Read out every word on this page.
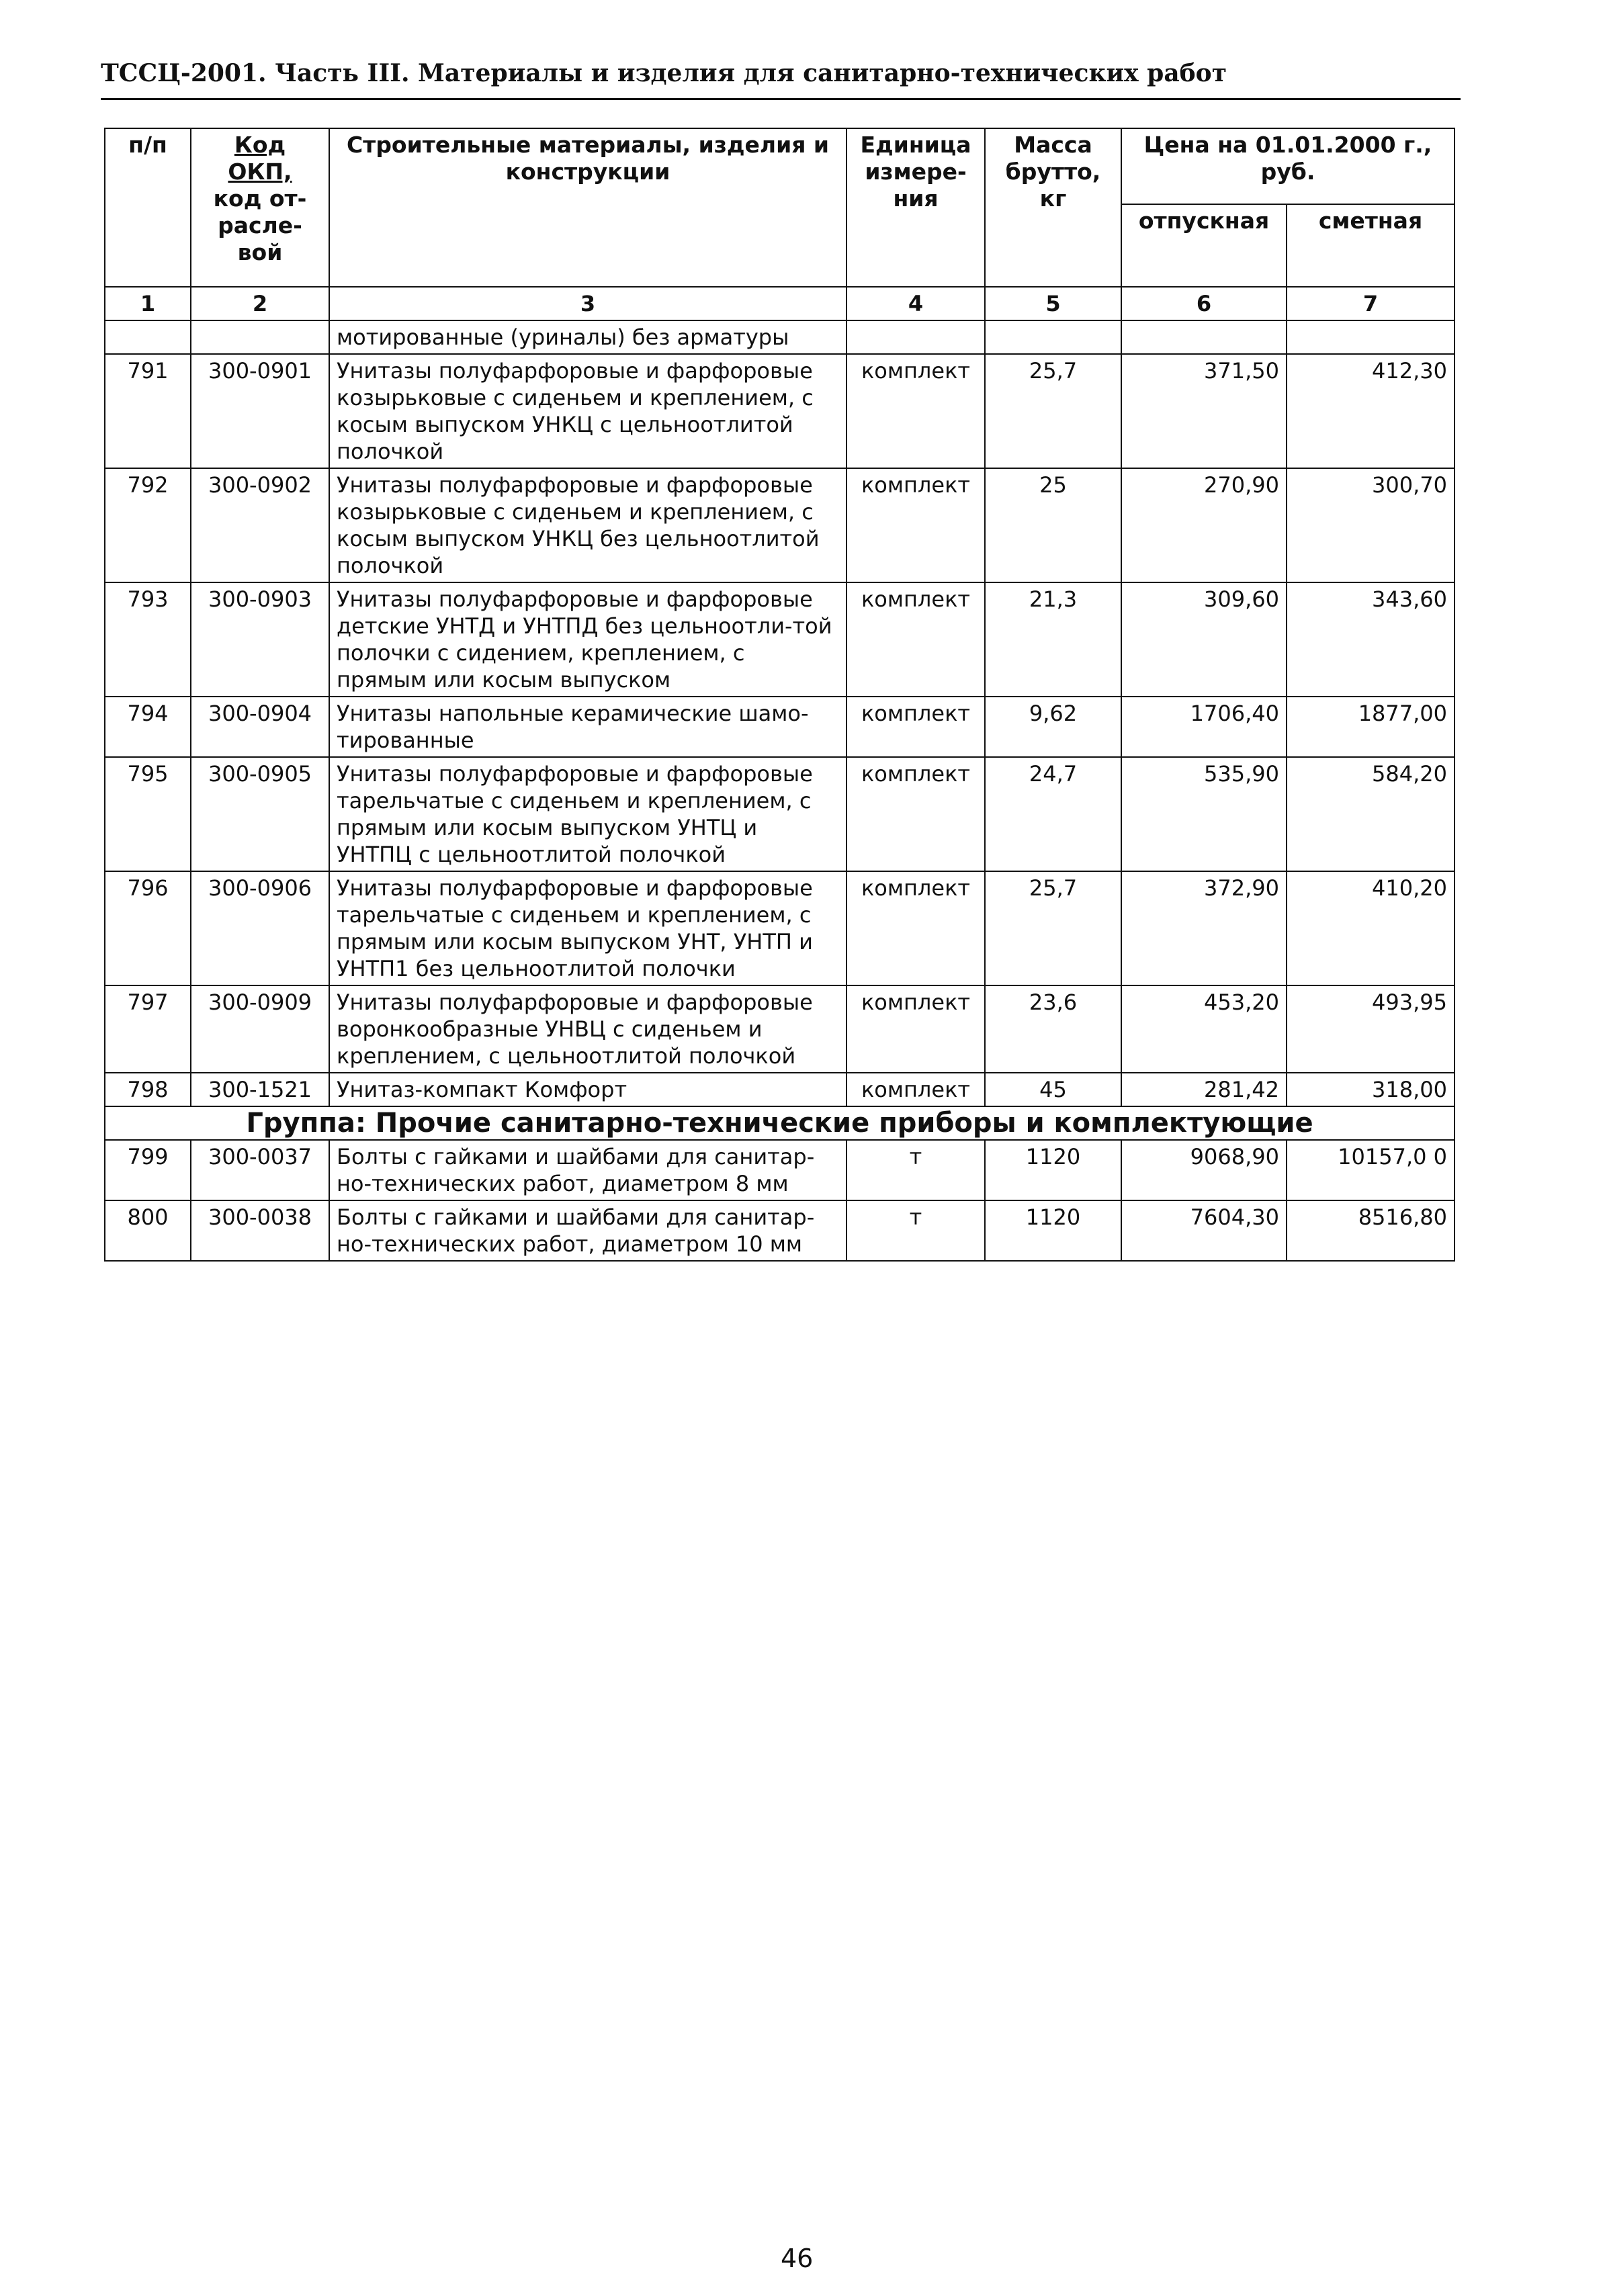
ТССЦ-2001. Часть III. Материалы и изделия для санитарно-технических работ
п/п	Код
ОКП,
код от-
расле-
вой	Строительные материалы, изделия и конструкции	Единица измере-ния	Масса брутто, кг	Цена на 01.01.2000 г., руб.	
					отпускная	сметная
1	2	3	4	5	6	7
		мотированные (уриналы) без арматуры				
791	300-0901	Унитазы полуфарфоровые и фарфоровые козырьковые с сиденьем и креплением, с косым выпуском УНКЦ с цельноотлитой полочкой	комплект	25,7	371,50	412,30
792	300-0902	Унитазы полуфарфоровые и фарфоровые козырьковые с сиденьем и креплением, с косым выпуском УНКЦ без цельноотлитой полочкой	комплект	25	270,90	300,70
793	300-0903	Унитазы полуфарфоровые и фарфоровые детские УНТД и УНТПД без цельноотли-той полочки с сидением, креплением, с прямым или косым выпуском	комплект	21,3	309,60	343,60
794	300-0904	Унитазы напольные керамические шамо-тированные	комплект	9,62	1706,40	1877,00
795	300-0905	Унитазы полуфарфоровые и фарфоровые тарельчатые с сиденьем и креплением, с прямым или косым выпуском УНТЦ и УНТПЦ с цельноотлитой полочкой	комплект	24,7	535,90	584,20
796	300-0906	Унитазы полуфарфоровые и фарфоровые тарельчатые с сиденьем и креплением, с прямым или косым выпуском УНТ, УНТП и УНТП1 без цельноотлитой полочки	комплект	25,7	372,90	410,20
797	300-0909	Унитазы полуфарфоровые и фарфоровые воронкообразные УНВЦ с сиденьем и креплением, с цельноотлитой полочкой	комплект	23,6	453,20	493,95
798	300-1521	Унитаз-компакт Комфорт	комплект	45	281,42	318,00
Группа: Прочие санитарно-технические приборы и комплектующие						
799	300-0037	Болты с гайками и шайбами для санитар-но-технических работ, диаметром 8 мм	т	1120	9068,90	10157,0 0
800	300-0038	Болты с гайками и шайбами для санитар-но-технических работ, диаметром 10 мм	т	1120	7604,30	8516,80
46
